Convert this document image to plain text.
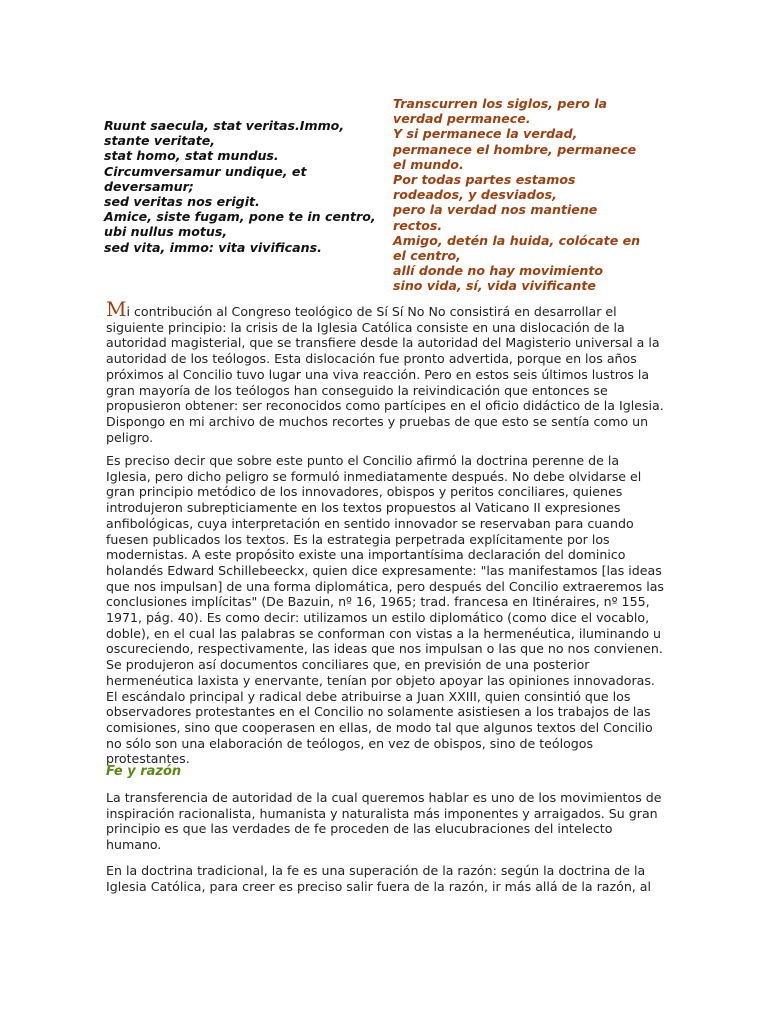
Ruunt saecula, stat veritas.Immo, stante veritate,
stat homo, stat mundus.
Circumversamur undique, et deversamur;
sed veritas nos erigit.
Amice, siste fugam, pone te in centro, ubi nullus motus,
sed vita, immo: vita vivificans.
Transcurren los siglos, pero la verdad permanece.
Y si permanece la verdad,
permanece el hombre, permanece el mundo.
Por todas partes estamos rodeados, y desviados,
pero la verdad nos mantiene rectos.
Amigo, detén la huida, colócate en el centro,
allí donde no hay movimiento
sino vida, sí, vida vivificante
Mi contribución al Congreso teológico de Sí Sí No No consistirá en desarrollar el siguiente principio: la crisis de la Iglesia Católica consiste en una dislocación de la autoridad magisterial, que se transfiere desde la autoridad del Magisterio universal a la autoridad de los teólogos. Esta dislocación fue pronto advertida, porque en los años próximos al Concilio tuvo lugar una viva reacción. Pero en estos seis últimos lustros la gran mayoría de los teólogos han conseguido la reivindicación que entonces se propusieron obtener: ser reconocidos como partícipes en el oficio didáctico de la Iglesia. Dispongo en mi archivo de muchos recortes y pruebas de que esto se sentía como un peligro.
Es preciso decir que sobre este punto el Concilio afirmó la doctrina perenne de la Iglesia, pero dicho peligro se formuló inmediatamente después. No debe olvidarse el gran principio metódico de los innovadores, obispos y peritos conciliares, quienes introdujeron subrepticiamente en los textos propuestos al Vaticano II expresiones anfibológicas, cuya interpretación en sentido innovador se reservaban para cuando fuesen publicados los textos. Es la estrategia perpetrada explícitamente por los modernistas. A este propósito existe una importantísima declaración del dominico holandés Edward Schillebeeckx, quien dice expresamente: "las manifestamos [las ideas que nos impulsan] de una forma diplomática, pero después del Concilio extraeremos las conclusiones implícitas" (De Bazuin, nº 16, 1965; trad. francesa en Itinéraires, nº 155, 1971, pág. 40). Es como decir: utilizamos un estilo diplomático (como dice el vocablo, doble), en el cual las palabras se conforman con vistas a la hermenéutica, iluminando u oscureciendo, respectivamente, las ideas que nos impulsan o las que no nos convienen. Se produjeron así documentos conciliares que, en previsión de una posterior hermenéutica laxista y enervante, tenían por objeto apoyar las opiniones innovadoras. El escándalo principal y radical debe atribuirse a Juan XXIII, quien consintió que los observadores protestantes en el Concilio no solamente asistiesen a los trabajos de las comisiones, sino que cooperasen en ellas, de modo tal que algunos textos del Concilio no sólo son una elaboración de teólogos, en vez de obispos, sino de teólogos protestantes.
Fe y razón
La transferencia de autoridad de la cual queremos hablar es uno de los movimientos de inspiración racionalista, humanista y naturalista más imponentes y arraigados. Su gran principio es que las verdades de fe proceden de las elucubraciones del intelecto humano.
En la doctrina tradicional, la fe es una superación de la razón: según la doctrina de la Iglesia Católica, para creer es preciso salir fuera de la razón, ir más allá de la razón, al
